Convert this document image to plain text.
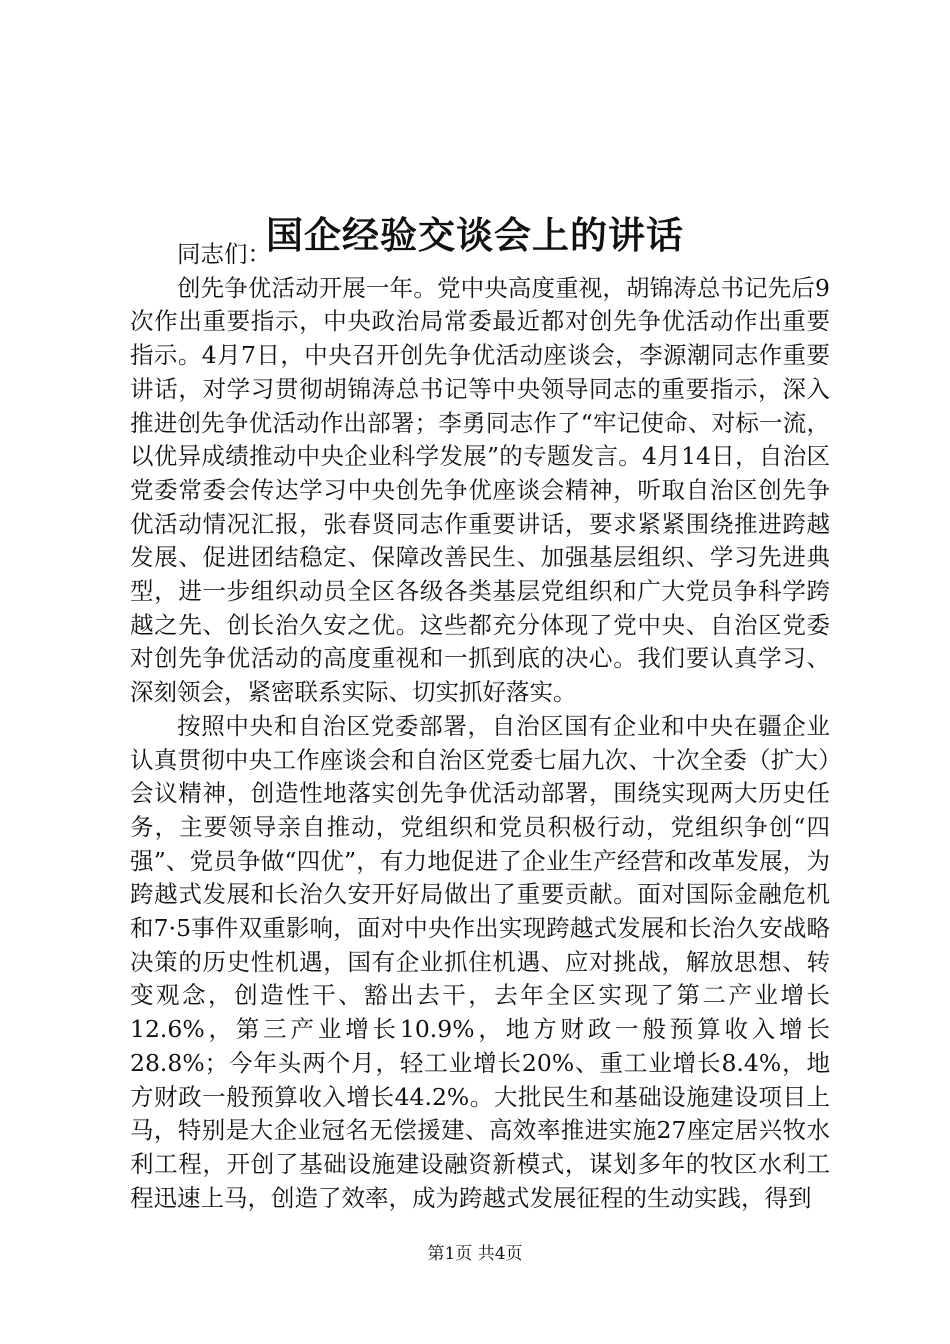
国企经验交谈会上的讲话

同志们：

创先争优活动开展一年。党中央高度重视，胡锦涛总书记先后9次作出重要指示，中央政治局常委最近都对创先争优活动作出重要指示。4月7日，中央召开创先争优活动座谈会，李源潮同志作重要讲话，对学习贯彻胡锦涛总书记等中央领导同志的重要指示，深入推进创先争优活动作出部署；李勇同志作了“牢记使命、对标一流，以优异成绩推动中央企业科学发展”的专题发言。4月14日，自治区党委常委会传达学习中央创先争优座谈会精神，听取自治区创先争优活动情况汇报，张春贤同志作重要讲话，要求紧紧围绕推进跨越发展、促进团结稳定、保障改善民生、加强基层组织、学习先进典型，进一步组织动员全区各级各类基层党组织和广大党员争科学跨越之先、创长治久安之优。这些都充分体现了党中央、自治区党委对创先争优活动的高度重视和一抓到底的决心。我们要认真学习、深刻领会，紧密联系实际、切实抓好落实。

按照中央和自治区党委部署，自治区国有企业和中央在疆企业认真贯彻中央工作座谈会和自治区党委七届九次、十次全委（扩大）会议精神，创造性地落实创先争优活动部署，围绕实现两大历史任务，主要领导亲自推动，党组织和党员积极行动，党组织争创“四强”、党员争做“四优”，有力地促进了企业生产经营和改革发展，为跨越式发展和长治久安开好局做出了重要贡献。面对国际金融危机和7·5事件双重影响，面对中央作出实现跨越式发展和长治久安战略决策的历史性机遇，国有企业抓住机遇、应对挑战，解放思想、转变观念，创造性干、豁出去干，去年全区实现了第二产业增长12.6%，第三产业增长10.9%，地方财政一般预算收入增长28.8%；今年头两个月，轻工业增长20%、重工业增长8.4%，地方财政一般预算收入增长44.2%。大批民生和基础设施建设项目上马，特别是大企业冠名无偿援建、高效率推进实施27座定居兴牧水利工程，开创了基础设施建设融资新模式，谋划多年的牧区水利工程迅速上马，创造了效率，成为跨越式发展征程的生动实践，得到

第1页 共4页
